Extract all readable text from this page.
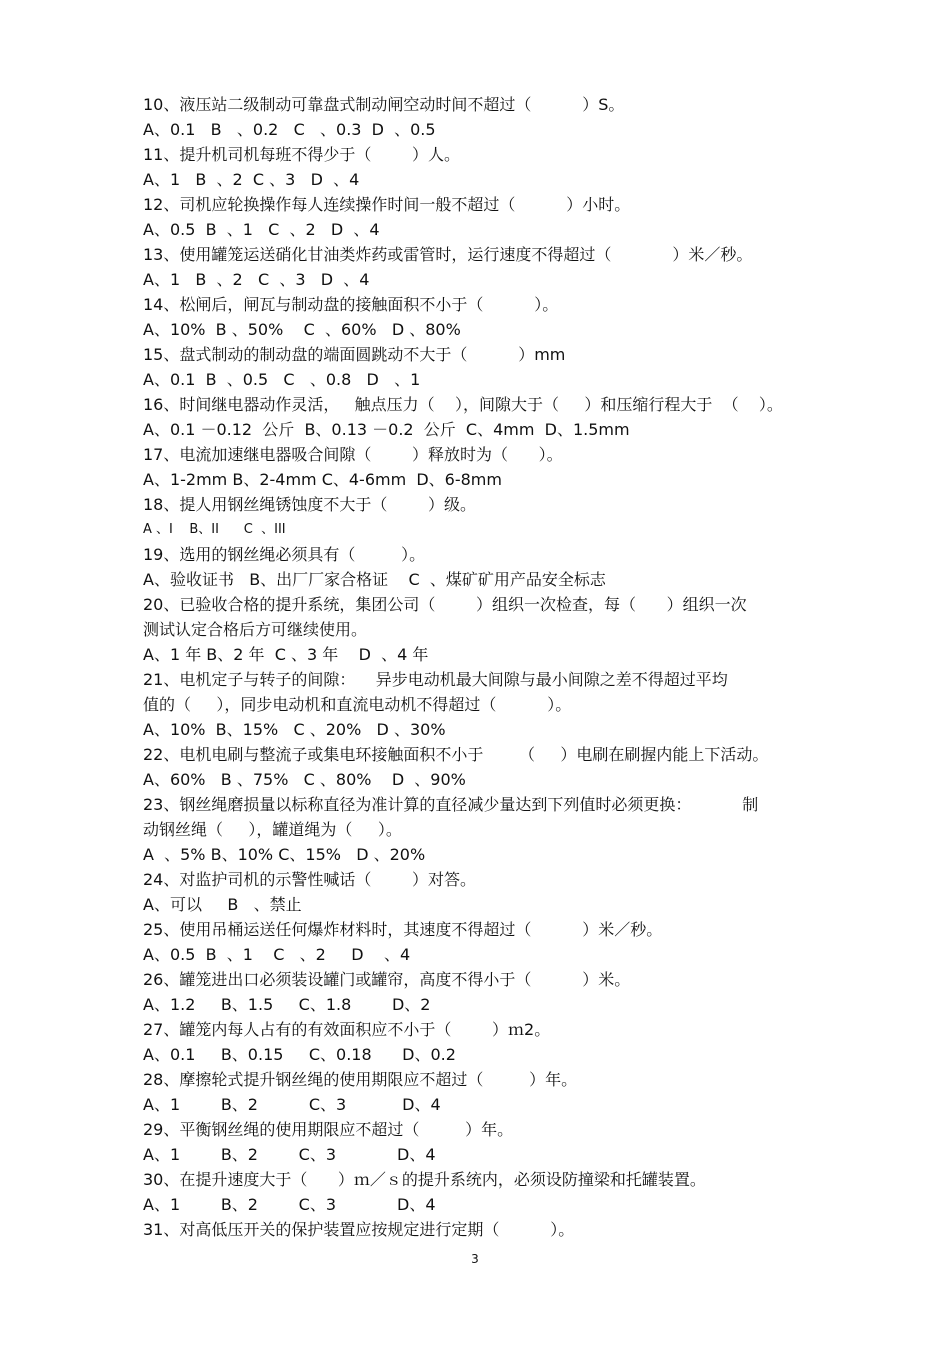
10、液压站二级制动可靠盘式制动闸空动时间不超过（          ）S。
A、0.1   B   、0.2   C   、0.3  D  、0.5
11、提升机司机每班不得少于（        ）人。
A、1   B  、2  C 、3   D  、4
12、司机应轮换操作每人连续操作时间一般不超过（          ）小时。
A、0.5  B  、1   C  、2   D  、4
13、使用罐笼运送硝化甘油类炸药或雷管时，运行速度不得超过（            ）米／秒。
A、1   B  、2   C  、3   D  、4
14、松闸后，闸瓦与制动盘的接触面积不小于（          ）。
A、10%  B 、50%    C  、60%   D 、80%
15、盘式制动的制动盘的端面圆跳动不大于（          ）mm
A、0.1  B  、0.5   C   、0.8   D   、1
16、时间继电器动作灵活，   触点压力（    ），间隙大于（     ）和压缩行程大于  （    ）。
A、0.1 －0.12  公斤  B、0.13 －0.2  公斤  C、4mm  D、1.5mm
17、电流加速继电器吸合间隙（        ）释放时为（      ）。
A、1-2mm B、2-4mm C、4-6mm  D、6-8mm
18、提人用钢丝绳锈蚀度不大于（        ）级。
A 、I    B、II      C  、III
19、选用的钢丝绳必须具有（         ）。
A、验收证书   B、出厂厂家合格证    C  、煤矿矿用产品安全标志
20、已验收合格的提升系统，集团公司（        ）组织一次检查，每（      ）组织一次
测试认定合格后方可继续使用。
A、1 年 B、2 年  C 、3 年    D  、4 年
21、电机定子与转子的间隙：    异步电动机最大间隙与最小间隙之差不得超过平均
值的（     ），同步电动机和直流电动机不得超过（          ）。
A、10%  B、15%   C 、20%   D 、30%
22、电机电刷与整流子或集电环接触面积不小于       （     ）电刷在刷握内能上下活动。
A、60%   B 、75%   C 、80%    D  、90%
23、钢丝绳磨损量以标称直径为准计算的直径减少量达到下列值时必须更换：          制
动钢丝绳（     ），罐道绳为（     ）。
A  、5% B、10% C、15%   D 、20%
24、对监护司机的示警性喊话（        ）对答。
A、可以     B   、禁止
25、使用吊桶运送任何爆炸材料时，其速度不得超过（          ）米／秒。
A、0.5  B  、1    C   、2     D    、4
26、罐笼进出口必须装设罐门或罐帘，高度不得小于（          ）米。
A、1.2     B、1.5     C、1.8        D、2
27、罐笼内每人占有的有效面积应不小于（        ）ｍ2。
A、0.1     B、0.15     C、0.18      D、0.2
28、摩擦轮式提升钢丝绳的使用期限应不超过（         ）年。
A、1        B、2          C、3           D、4
29、平衡钢丝绳的使用期限应不超过（         ）年。
A、1        B、2        C、3            D、4
30、在提升速度大于（      ）ｍ／ｓ的提升系统内，必须设防撞梁和托罐装置。
A、1        B、2        C、3            D、4
31、对高低压开关的保护装置应按规定进行定期（          ）。
3
